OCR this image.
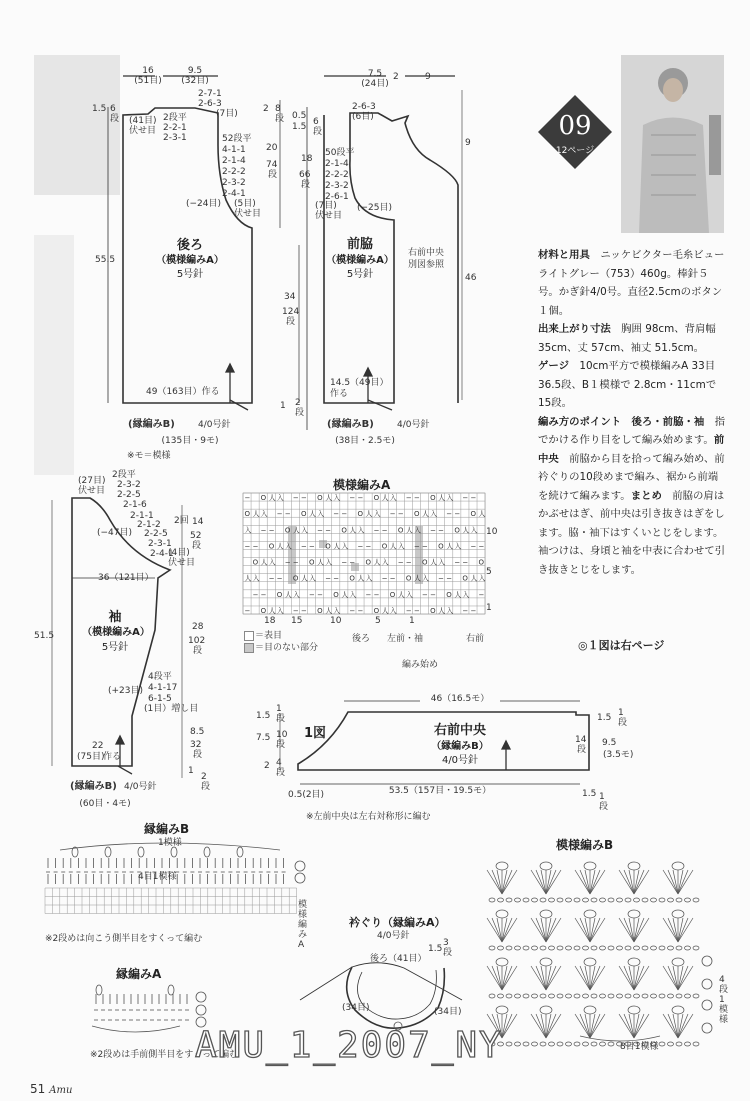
09
12ページ

材料と用具　 ニッケビクター毛糸ビュー　ライトグレー（753）460g。棒針５号。かぎ針4/0号。直径2.5cmのボタン１個。

出来上がり寸法　 胸囲 98cm、背肩幅35cm、丈 57cm、袖丈 51.5cm。

ゲージ　 10cm平方で模様編みA 33目36.5段、B１模様で 2.8cm・11cmで15段。

編み方のポイント　 後ろ・前脇・袖　 指でかける作り目をして編み始めます。前中央　 前脇から目を拾って編み始め、前衿ぐりの10段めまで編み、裾から前端を続けて編みます。まとめ　 前脇の肩はかぶせはぎ、前中央は引き抜きはぎをします。脇・袖下はすくいとじをします。袖つけは、身頃と袖を中表に合わせて引き抜きとじをします。

◎１図は右ページ
− O 人 入 − − O 人 入 − − O 人 入 − − O 人 入 − −
O 人 入 − − O 人 入 − − O 人 入 − − O 人 入 − − O 人
入 − − O 人 入 − − O 人 入 − − O 人 入 − − O 人 入
− − O 人 入 − − O 人 入 − − O 人 入 − − O 人 入 − −
O 人 入 − − O 人 入 − − O 人 入 − − O 人 入 − − O
人 入 − − O 人 入 − − O 人 入 − − O 人 入 − − O 人 入
− − O 人 入 − − O 人 入 − − O 人 入 − − O 人 入 −
− O 人 入 − − O 人 入 − − O 人 入 − − O 人 入 − −
16
(51目)
9.5
(32目)
1.5 6
段
2-7-1
2-6-3
(7目)
(41目)
伏せ目
2段平
2-2-1
2-3-1	52段平
4-1-1
2-1-4
2-2-2
2-3-2
2-4-1
(5目)
伏せ目
(−24目)
後ろ
（模様編みA）
5号針
55.5
49（163目）作る
(縁編みB)	4/0号針
(135目・9モ)
※モ＝模様
7.5
(24目)
2	9
2-6-3
(6目)
2 8
段
20
74
段
0.5
1.5 6
段
18
66
段
50段平
2-1-4
2-2-2
2-3-2
2-6-1
(7目)
伏せ目
(−25目)
9
46
34
124
段
1 2
段
前脇
（模様編みA）
5号針
右前中央
別図参照
14.5（49目）
作る
(縁編みB)	4/0号針
(38目・2.5モ)
(27目)
伏せ目
2段平
2-3-2
2-2-5
2-1-6
2-1-1
2-1-2
2-2-5
2-3-1
2-4-1
2回
(4目)
伏せ目
(−47目)
36（121目）
51.5
14
52
段
28
102
段
8.5
32
段
1
2
段
4段平
4-1-17
6-1-5
(1目）増し目
(+23目)
袖
（模様編みA）
5号針
22
(75目)
作る
(縁編みB) 4/0号針
(60目・4モ)
模様編みA
10
5
1
18 15	10	5	1
＝表目
＝目のない部分
後ろ 左前・袖	右前
編み始め
1図	右前中央
（縁編みB）
4/0号針
46（16.5モ）
1.5
1
段
7.5 10
段
2 4
段
1.5 1
段
9.5
(3.5モ)
14
段
53.5（157目・19.5モ）
0.5(2目)	1.5 1
段
※左前中央は左右対称形に編む
縁編みB
1模様
4目1模様
※2段めは向こう側半目をすくって編む
模様編みA
縁編みA
※2段めは手前側半目をすくって編む
衿ぐり（縁編みA）
4/0号針
後ろ（41目）
(34目)	(34目)
1.5
3
段
模様編みB
8目1模様
4段1模様
AMU_1_2007_NY
51 Amu
